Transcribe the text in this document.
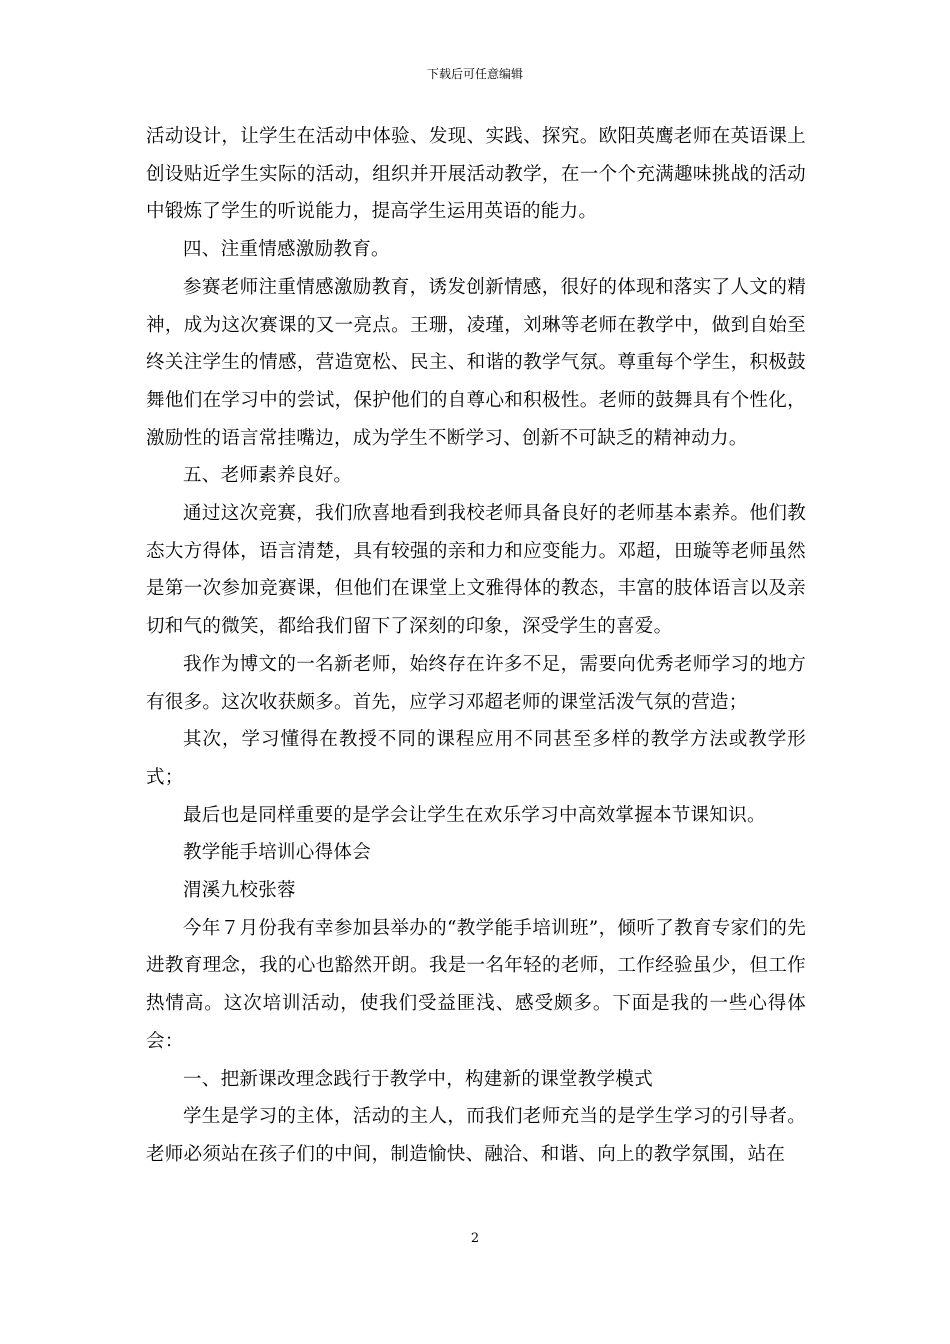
下载后可任意编辑

活动设计，让学生在活动中体验、发现、实践、探究。欧阳英鹰老师在英语课上创设贴近学生实际的活动，组织并开展活动教学，在一个个充满趣味挑战的活动中锻炼了学生的听说能力，提高学生运用英语的能力。

四、注重情感激励教育。

参赛老师注重情感激励教育，诱发创新情感，很好的体现和落实了人文的精神，成为这次赛课的又一亮点。王珊，凌瑾，刘琳等老师在教学中，做到自始至终关注学生的情感，营造宽松、民主、和谐的教学气氛。尊重每个学生，积极鼓舞他们在学习中的尝试，保护他们的自尊心和积极性。老师的鼓舞具有个性化，激励性的语言常挂嘴边，成为学生不断学习、创新不可缺乏的精神动力。

五、老师素养良好。

通过这次竞赛，我们欣喜地看到我校老师具备良好的老师基本素养。他们教态大方得体，语言清楚，具有较强的亲和力和应变能力。邓超，田璇等老师虽然是第一次参加竞赛课，但他们在课堂上文雅得体的教态，丰富的肢体语言以及亲切和气的微笑，都给我们留下了深刻的印象，深受学生的喜爱。

我作为博文的一名新老师，始终存在许多不足，需要向优秀老师学习的地方有很多。这次收获颇多。首先，应学习邓超老师的课堂活泼气氛的营造；

其次，学习懂得在教授不同的课程应用不同甚至多样的教学方法或教学形式；

最后也是同样重要的是学会让学生在欢乐学习中高效掌握本节课知识。

教学能手培训心得体会

渭溪九校张蓉

今年７月份我有幸参加县举办的“教学能手培训班”，倾听了教育专家们的先进教育理念，我的心也豁然开朗。我是一名年轻的老师，工作经验虽少，但工作热情高。这次培训活动，使我们受益匪浅、感受颇多。下面是我的一些心得体会：

一、把新课改理念践行于教学中，构建新的课堂教学模式

学生是学习的主体，活动的主人，而我们老师充当的是学生学习的引导者。老师必须站在孩子们的中间，制造愉快、融洽、和谐、向上的教学氛围，站在

2
